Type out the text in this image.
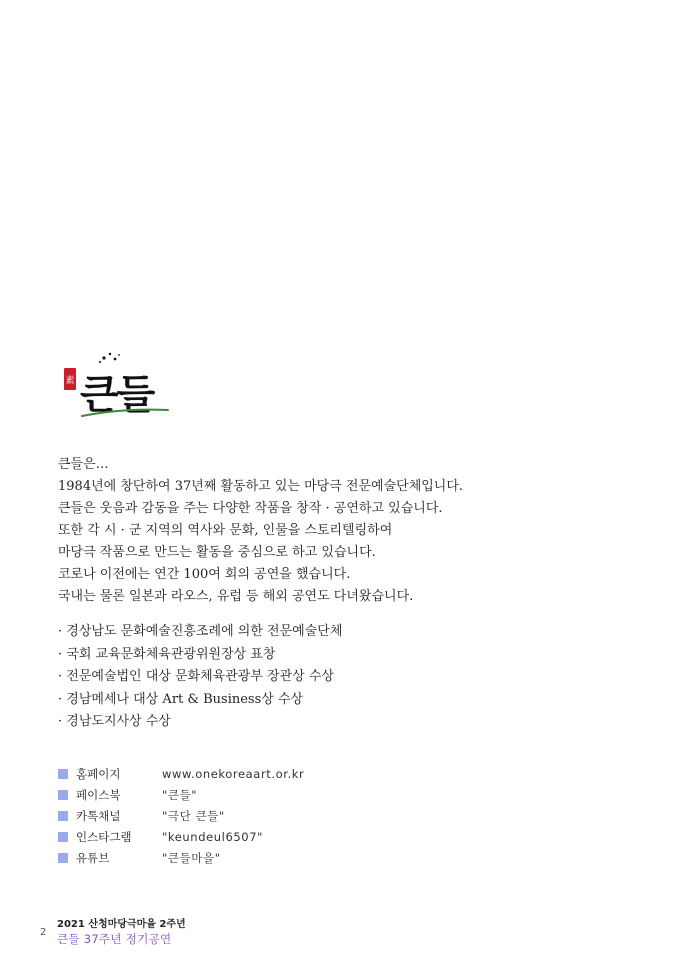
素 큰들
큰들은…
1984년에 창단하여 37년째 활동하고 있는 마당극 전문예술단체입니다.
큰들은 웃음과 감동을 주는 다양한 작품을 창작 · 공연하고 있습니다.
또한 각 시 · 군 지역의 역사와 문화, 인물을 스토리텔링하여
마당극 작품으로 만드는 활동을 중심으로 하고 있습니다.
코로나 이전에는 연간 100여 회의 공연을 했습니다.
국내는 물론 일본과 라오스, 유럽 등 해외 공연도 다녀왔습니다.
· 경상남도 문화예술진흥조례에 의한 전문예술단체
· 국회 교육문화체육관광위원장상 표창
· 전문예술법인 대상 문화체육관광부 장관상 수상
· 경남메세나 대상 Art & Business상 수상
· 경남도지사상 수상
홈페이지	www.onekoreaart.or.kr
페이스북	"큰들"
카톡채널	"극단 큰들"
인스타그램	"keundeul6507"
유튜브	"큰들마을"
2
2021 산청마당극마을 2주년
큰들 37주년 정기공연
